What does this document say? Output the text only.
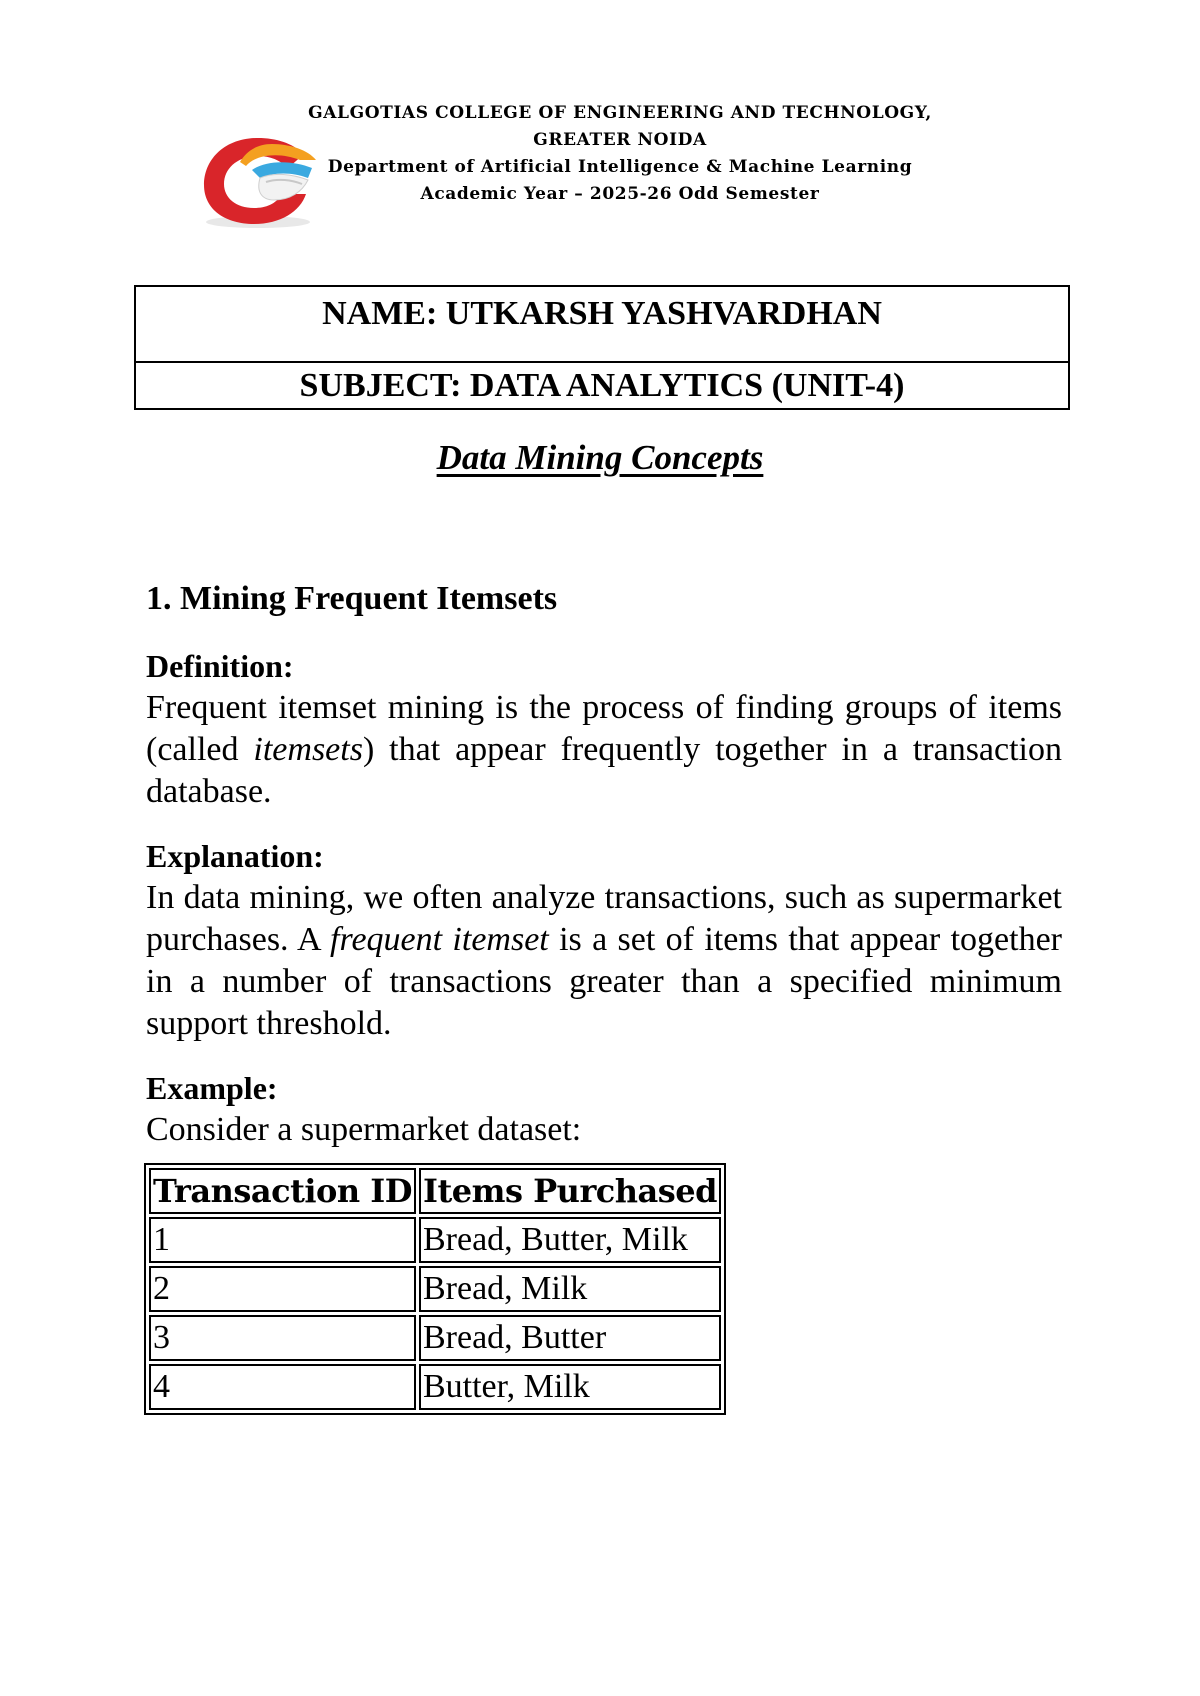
GALGOTIAS COLLEGE OF ENGINEERING AND TECHNOLOGY,
GREATER NOIDA
Department of Artificial Intelligence & Machine Learning
Academic Year – 2025-26 Odd Semester
NAME: UTKARSH YASHVARDHAN
SUBJECT: DATA ANALYTICS (UNIT-4)
Data Mining Concepts
1. Mining Frequent Itemsets
Definition:

Frequent itemset mining is the process of finding groups of items (called itemsets) that appear frequently together in a transaction database.

Explanation:

In data mining, we often analyze transactions, such as supermarket purchases. A frequent itemset is a set of items that appear together in a number of transactions greater than a specified minimum support threshold.

Example:

Consider a supermarket dataset:

Transaction ID	Items Purchased
1	Bread, Butter, Milk
2	Bread, Milk
3	Bread, Butter
4	Butter, Milk
